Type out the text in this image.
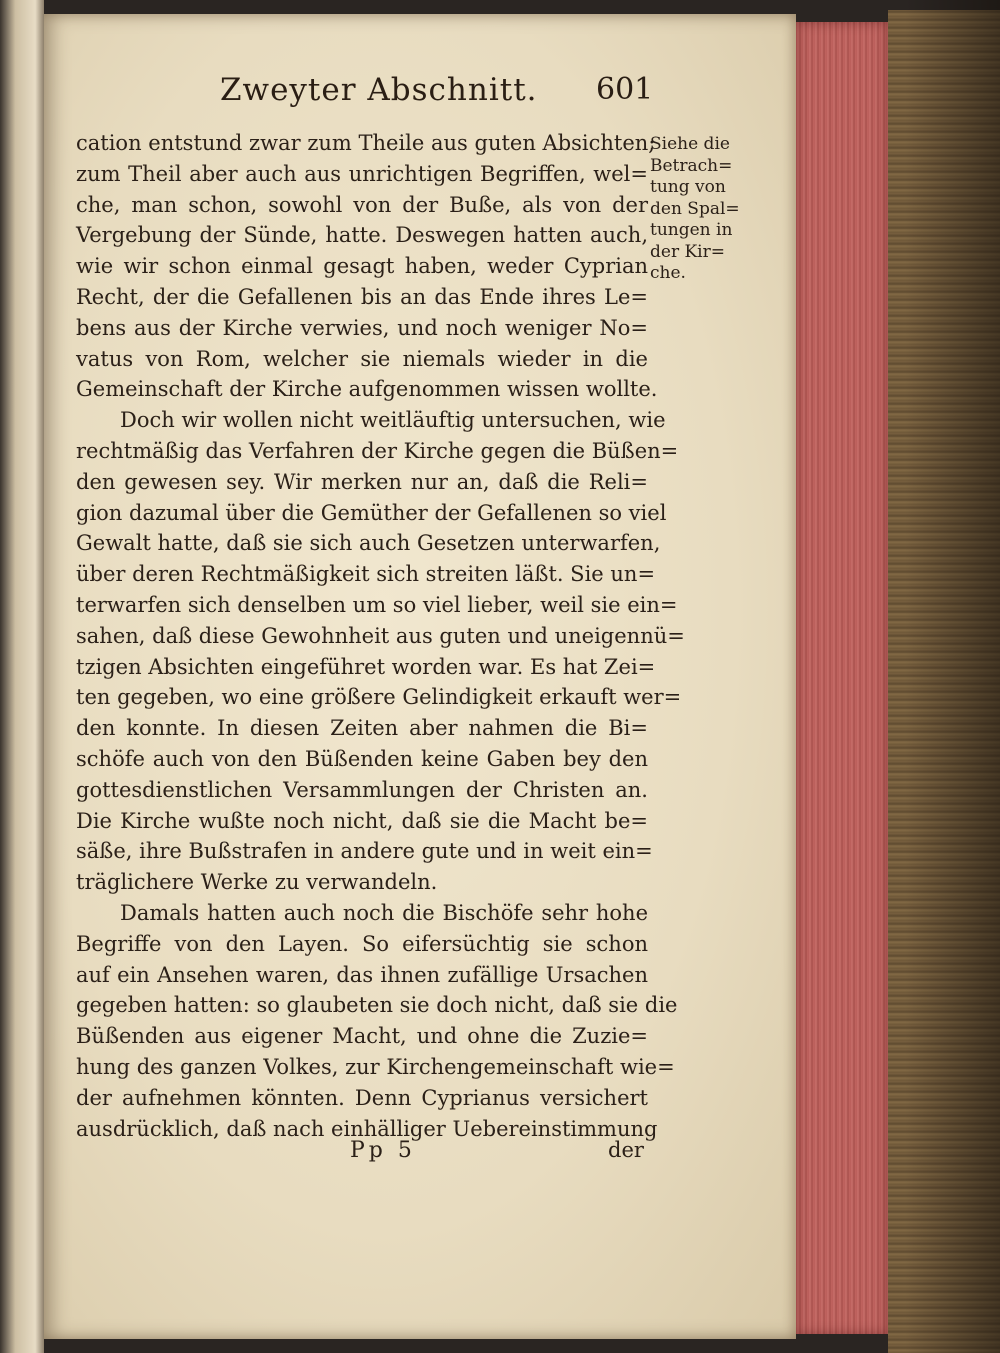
Zweyter Abschnitt. 601
cation entstund zwar zum Theile aus guten Absichten;
zum Theil aber auch aus unrichtigen Begriffen, wel=
che, man schon, sowohl von der Buße, als von der
Vergebung der Sünde, hatte. Deswegen hatten auch,
wie wir schon einmal gesagt haben, weder Cyprian
Recht, der die Gefallenen bis an das Ende ihres Le=
bens aus der Kirche verwies, und noch weniger No=
vatus von Rom, welcher sie niemals wieder in die
Gemeinschaft der Kirche aufgenommen wissen wollte.
Doch wir wollen nicht weitläuftig untersuchen, wie
rechtmäßig das Verfahren der Kirche gegen die Büßen=
den gewesen sey. Wir merken nur an, daß die Reli=
gion dazumal über die Gemüther der Gefallenen so viel
Gewalt hatte, daß sie sich auch Gesetzen unterwarfen,
über deren Rechtmäßigkeit sich streiten läßt. Sie un=
terwarfen sich denselben um so viel lieber, weil sie ein=
sahen, daß diese Gewohnheit aus guten und uneigennü=
tzigen Absichten eingeführet worden war. Es hat Zei=
ten gegeben, wo eine größere Gelindigkeit erkauft wer=
den konnte. In diesen Zeiten aber nahmen die Bi=
schöfe auch von den Büßenden keine Gaben bey den
gottesdienstlichen Versammlungen der Christen an.
Die Kirche wußte noch nicht, daß sie die Macht be=
säße, ihre Bußstrafen in andere gute und in weit ein=
träglichere Werke zu verwandeln.
Damals hatten auch noch die Bischöfe sehr hohe
Begriffe von den Layen. So eifersüchtig sie schon
auf ein Ansehen waren, das ihnen zufällige Ursachen
gegeben hatten: so glaubeten sie doch nicht, daß sie die
Büßenden aus eigener Macht, und ohne die Zuzie=
hung des ganzen Volkes, zur Kirchengemeinschaft wie=
der aufnehmen könnten. Denn Cyprianus versichert
ausdrücklich, daß nach einhälliger Uebereinstimmung
Siehe die
Betrach=
tung von
den Spal=
tungen in
der Kir=
che.
Pp 5	der
